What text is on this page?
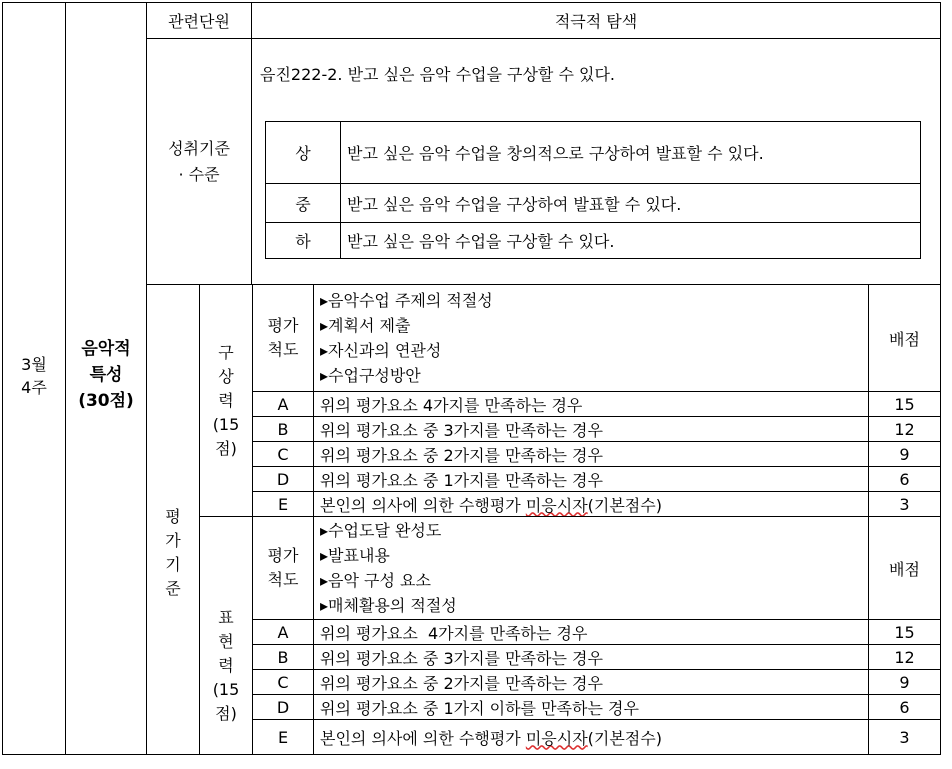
3월
4주
음악적
특성
(30점)
관련단원	적극적 탐색
성취기준
· 수준
음진222-2. 받고 싶은 음악 수업을 구상할 수 있다.
상	받고 싶은 음악 수업을 창의적으로 구상하여 발표할 수 있다.
중	받고 싶은 음악 수업을 구상하여 발표할 수 있다.
하	받고 싶은 음악 수업을 구상할 수 있다.
평
가
기
준
구
상
력
(15
점)
평가
척도
▸음악수업 주제의 적절성
▸계획서 제출
▸자신과의 연관성
▸수업구성방안
배점
A	위의 평가요소 4가지를 만족하는 경우	15
B	위의 평가요소 중 3가지를 만족하는 경우	12
C	위의 평가요소 중 2가지를 만족하는 경우	9
D	위의 평가요소 중 1가지를 만족하는 경우	6
E	본인의 의사에 의한 수행평가 미응시자 (기본점수)	3
표
현
력
(15
점)
평가
척도
▸수업도달 완성도
▸발표내용
▸음악 구성 요소
▸매체활용의 적절성
배점
A	위의 평가요소  4가지를 만족하는 경우	15
B	위의 평가요소 중 3가지를 만족하는 경우	12
C	위의 평가요소 중 2가지를 만족하는 경우	9
D	위의 평가요소 중 1가지 이하를 만족하는 경우	6
E	본인의 의사에 의한 수행평가 미응시자 (기본점수)	3
